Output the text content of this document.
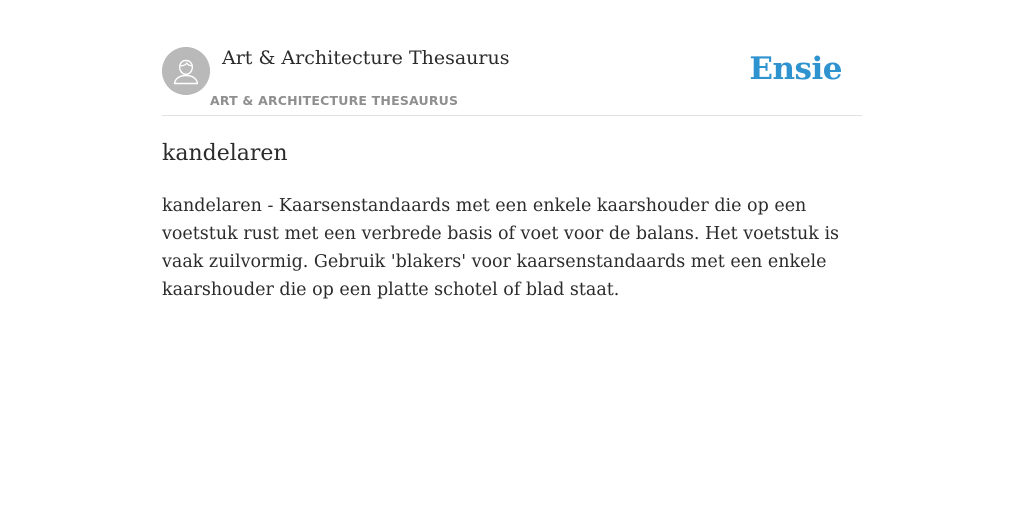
Art & Architecture Thesaurus

ART & ARCHITECTURE THESAURUS

Ensie
kandelaren

kandelaren - Kaarsenstandaards met een enkele kaarshouder die op een voetstuk rust met een verbrede basis of voet voor de balans. Het voetstuk is vaak zuilvormig. Gebruik 'blakers' voor kaarsenstandaards met een enkele kaarshouder die op een platte schotel of blad staat.
